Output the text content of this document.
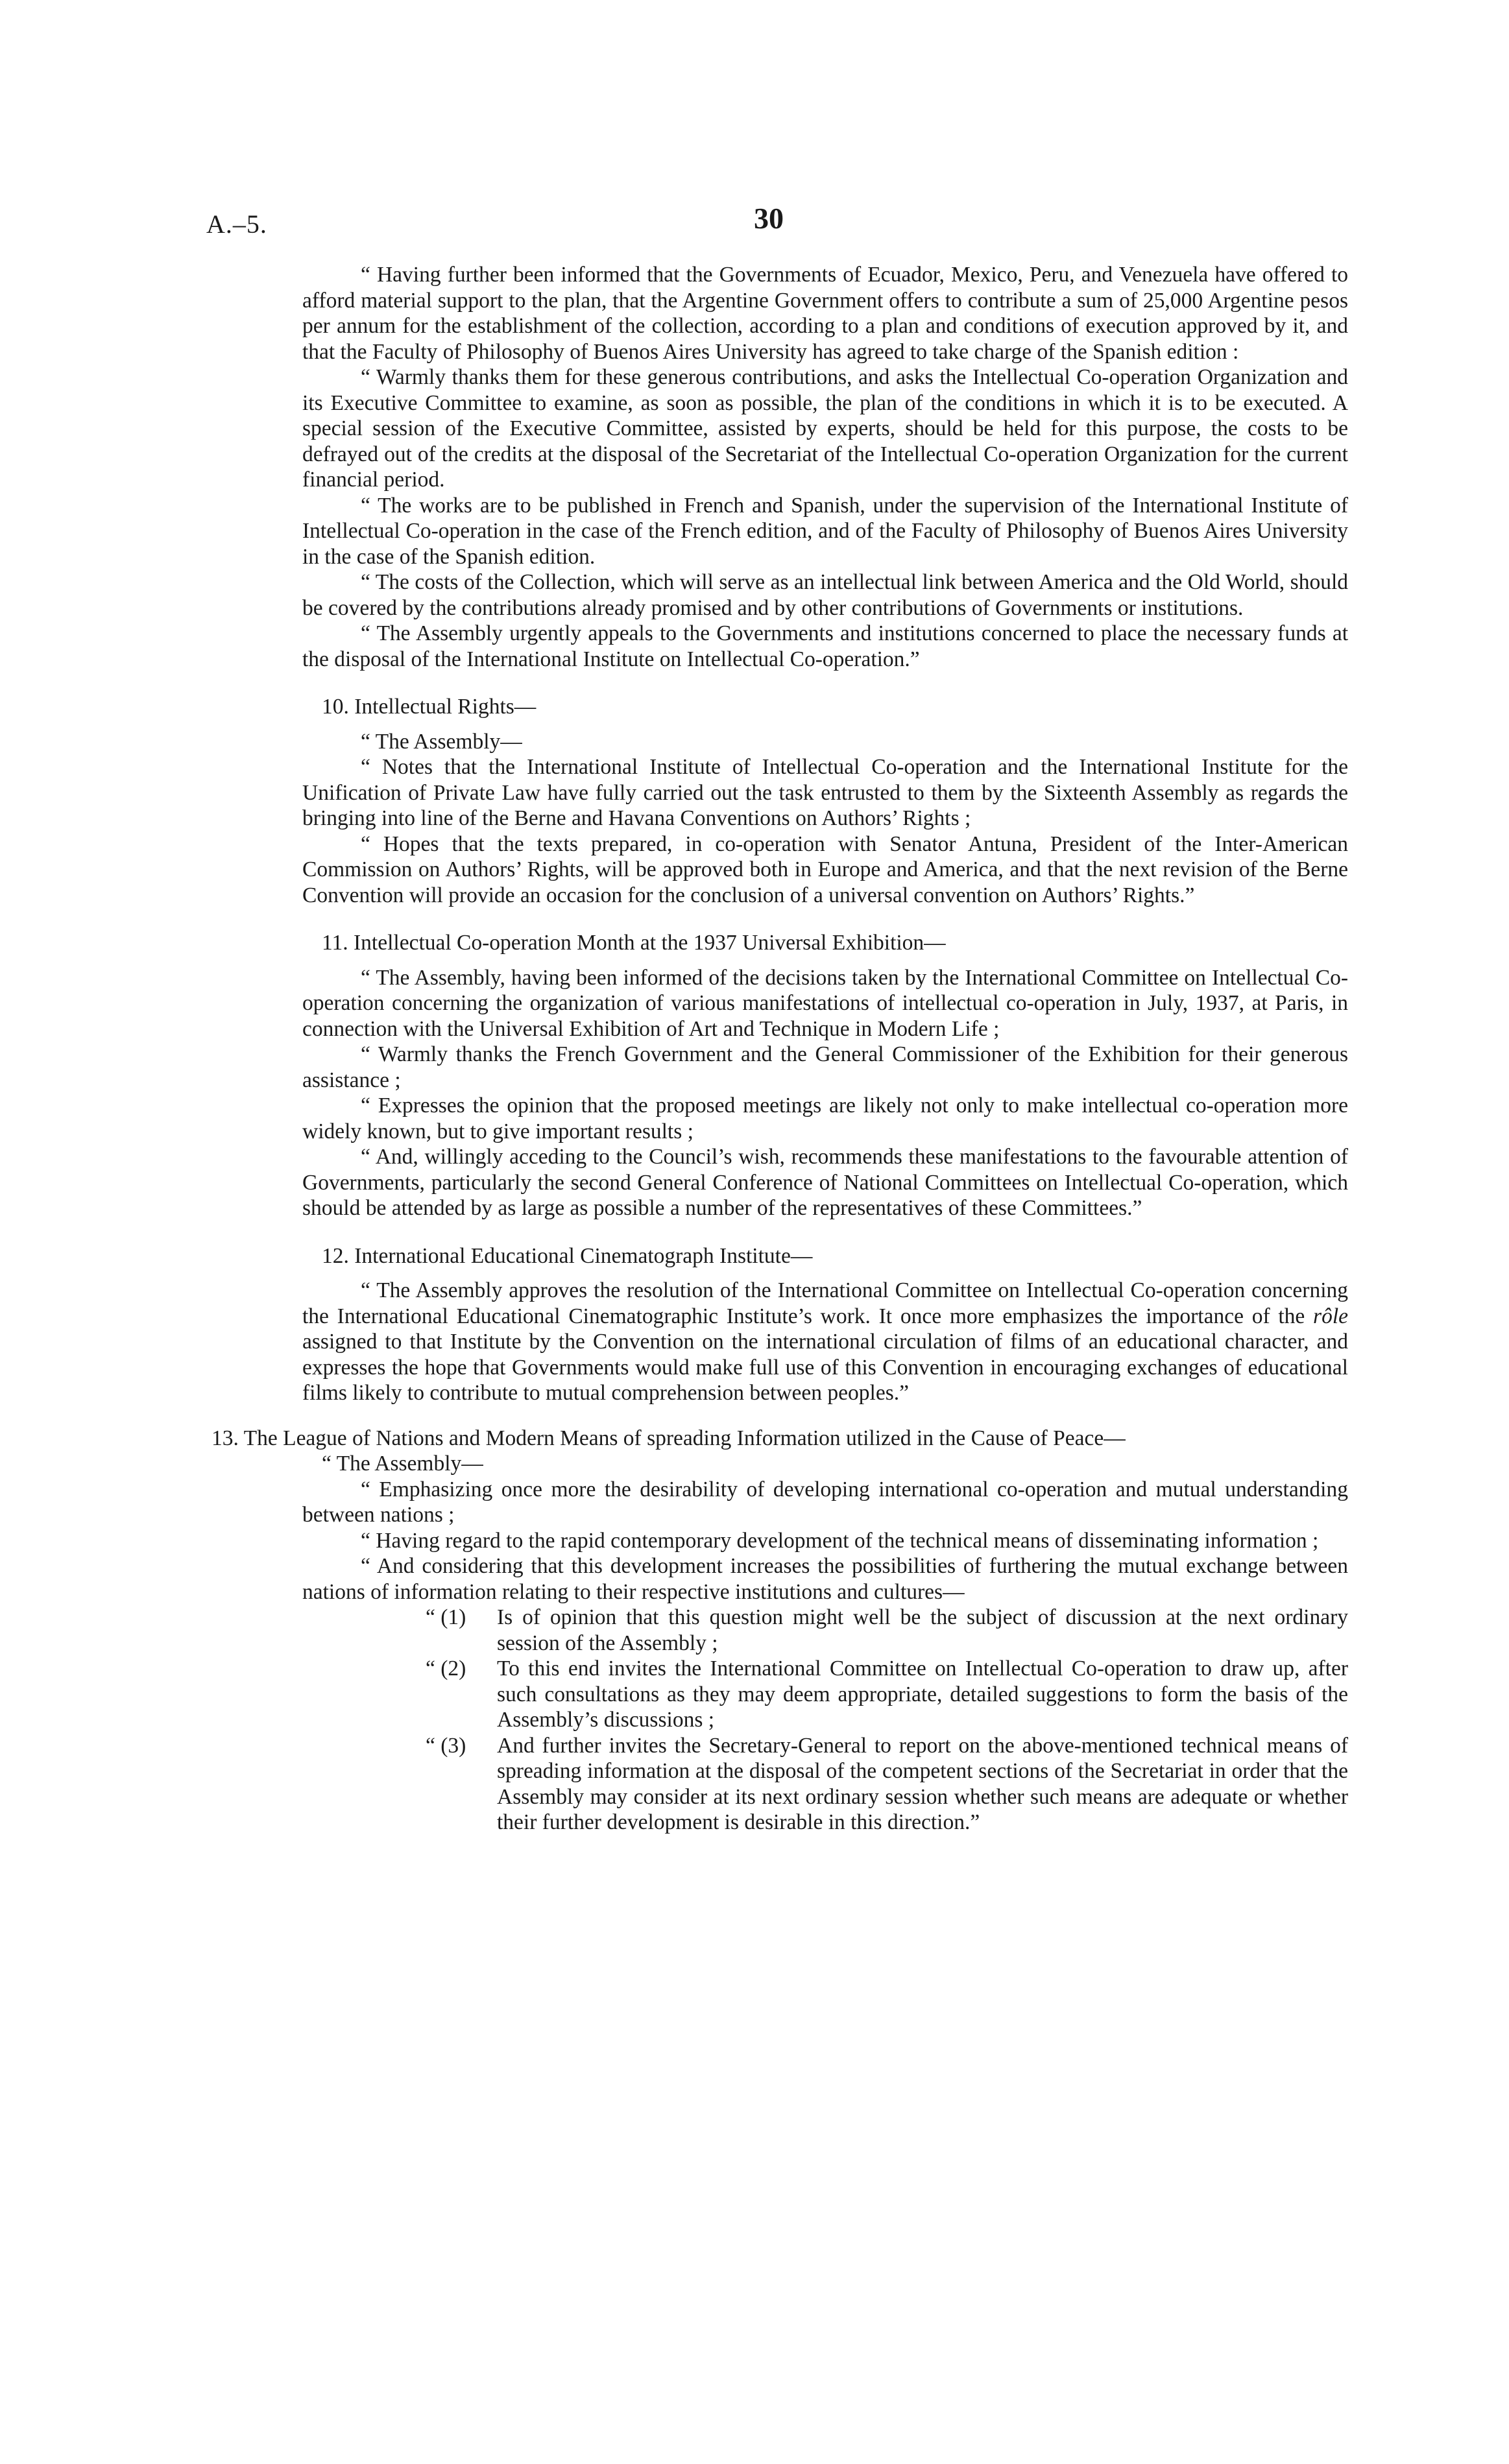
A.–5.	30

“ Having further been informed that the Governments of Ecuador, Mexico, Peru, and Venezuela have offered to afford material support to the plan, that the Argentine Government offers to contribute a sum of 25,000 Argentine pesos per annum for the establishment of the collection, according to a plan and conditions of execution approved by it, and that the Faculty of Philosophy of Buenos Aires University has agreed to take charge of the Spanish edition :

“ Warmly thanks them for these generous contributions, and asks the Intellectual Co-operation Organization and its Executive Committee to examine, as soon as possible, the plan of the conditions in which it is to be executed. A special session of the Executive Committee, assisted by experts, should be held for this purpose, the costs to be defrayed out of the credits at the disposal of the Secretariat of the Intellectual Co-operation Organization for the current financial period.

“ The works are to be published in French and Spanish, under the supervision of the International Institute of Intellectual Co-operation in the case of the French edition, and of the Faculty of Philosophy of Buenos Aires University in the case of the Spanish edition.

“ The costs of the Collection, which will serve as an intellectual link between America and the Old World, should be covered by the contributions already promised and by other contributions of Governments or institutions.

“ The Assembly urgently appeals to the Governments and institutions concerned to place the necessary funds at the disposal of the International Institute on Intellectual Co-operation.”

10. Intellectual Rights—

“ The Assembly—

“ Notes that the International Institute of Intellectual Co-operation and the International Institute for the Unification of Private Law have fully carried out the task entrusted to them by the Sixteenth Assembly as regards the bringing into line of the Berne and Havana Conventions on Authors’ Rights ;

“ Hopes that the texts prepared, in co-operation with Senator Antuna, President of the Inter-American Commission on Authors’ Rights, will be approved both in Europe and America, and that the next revision of the Berne Convention will provide an occasion for the conclusion of a universal convention on Authors’ Rights.”

11. Intellectual Co-operation Month at the 1937 Universal Exhibition—

“ The Assembly, having been informed of the decisions taken by the International Committee on Intellectual Co-operation concerning the organization of various manifestations of intellectual co-operation in July, 1937, at Paris, in connection with the Universal Exhibition of Art and Technique in Modern Life ;

“ Warmly thanks the French Government and the General Commissioner of the Exhibition for their generous assistance ;

“ Expresses the opinion that the proposed meetings are likely not only to make intellectual co-operation more widely known, but to give important results ;

“ And, willingly acceding to the Council’s wish, recommends these manifestations to the favourable attention of Governments, particularly the second General Conference of National Committees on Intellectual Co-operation, which should be attended by as large as possible a number of the representatives of these Committees.”

12. International Educational Cinematograph Institute—

“ The Assembly approves the resolution of the International Committee on Intellectual Co-operation concerning the International Educational Cinematographic Institute’s work. It once more emphasizes the importance of the rôle assigned to that Institute by the Convention on the international circulation of films of an educational character, and expresses the hope that Governments would make full use of this Convention in encouraging exchanges of educational films likely to contribute to mutual comprehension between peoples.”

13. The League of Nations and Modern Means of spreading Information utilized in the Cause of Peace—

“ The Assembly—

“ Emphasizing once more the desirability of developing international co-operation and mutual understanding between nations ;

“ Having regard to the rapid contemporary development of the technical means of disseminating information ;

“ And considering that this development increases the possibilities of furthering the mutual exchange between nations of information relating to their respective institutions and cultures—

“ (1) Is of opinion that this question might well be the subject of discussion at the next ordinary session of the Assembly ;

“ (2) To this end invites the International Committee on Intellectual Co-operation to draw up, after such consultations as they may deem appropriate, detailed suggestions to form the basis of the Assembly’s discussions ;

“ (3) And further invites the Secretary-General to report on the above-mentioned technical means of spreading information at the disposal of the competent sections of the Secretariat in order that the Assembly may consider at its next ordinary session whether such means are adequate or whether their further development is desirable in this direction.”
